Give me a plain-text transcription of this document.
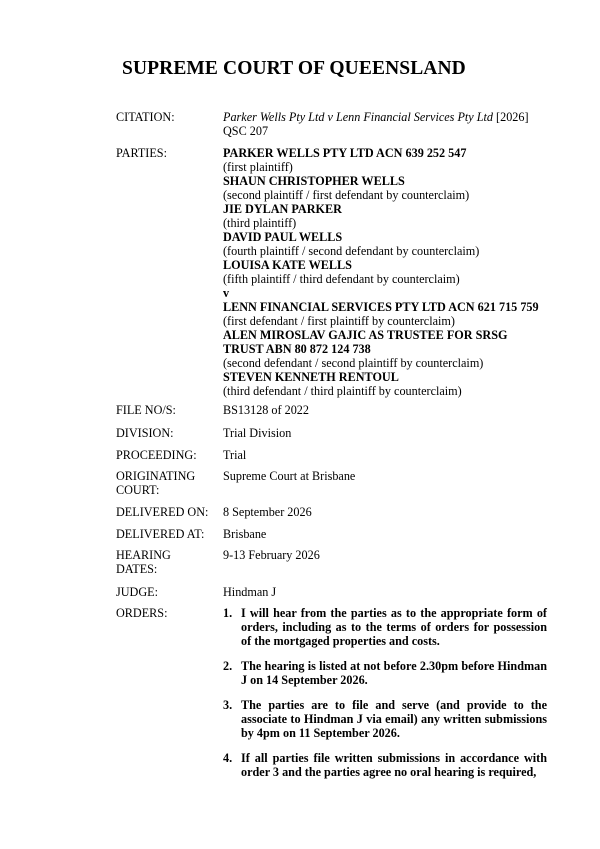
SUPREME COURT OF QUEENSLAND
CITATION:	Parker Wells Pty Ltd v Lenn Financial Services Pty Ltd [2026]
QSC 207
PARTIES:	PARKER WELLS PTY LTD ACN 639 252 547
(first plaintiff)
SHAUN CHRISTOPHER WELLS
(second plaintiff / first defendant by counterclaim)
JIE DYLAN PARKER
(third plaintiff)
DAVID PAUL WELLS
(fourth plaintiff / second defendant by counterclaim)
LOUISA KATE WELLS
(fifth plaintiff / third defendant by counterclaim)
v
LENN FINANCIAL SERVICES PTY LTD ACN 621 715 759
(first defendant / first plaintiff by counterclaim)
ALEN MIROSLAV GAJIC AS TRUSTEE FOR SRSG
TRUST ABN 80 872 124 738
(second defendant / second plaintiff by counterclaim)
STEVEN KENNETH RENTOUL
(third defendant / third plaintiff by counterclaim)
FILE NO/S:	BS13128 of 2022
DIVISION:	Trial Division
PROCEEDING:	Trial
ORIGINATING
COURT:
Supreme Court at Brisbane
DELIVERED ON:	8 September 2026
DELIVERED AT:	Brisbane
HEARING
DATES:
9-13 February 2026
JUDGE:	Hindman J
ORDERS:	1. I will hear from the parties as to the appropriate form of orders, including as to the terms of orders for possession of the mortgaged properties and costs.
2. The hearing is listed at not before 2.30pm before Hindman J on 14 September 2026.
3. The parties are to file and serve (and provide to the associate to Hindman J via email) any written submissions by 4pm on 11 September 2026.
4. If all parties file written submissions in accordance with order 3 and the parties agree no oral hearing is required,
